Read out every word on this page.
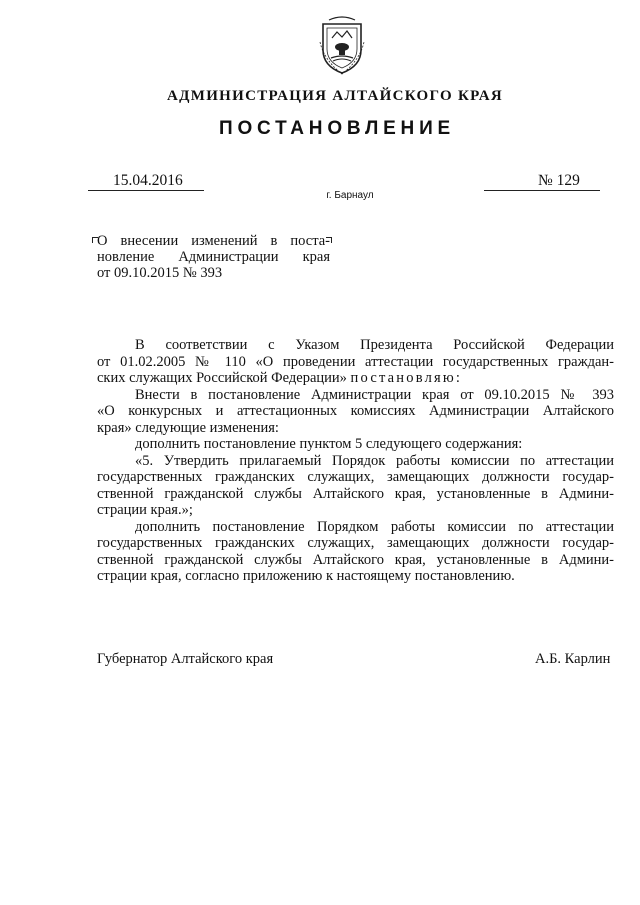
АДМИНИСТРАЦИЯ АЛТАЙСКОГО КРАЯ
ПОСТАНОВЛЕНИЕ
15.04.2016	№ 129
г. Барнаул
О внесении изменений в поста-
новление Администрации края
от 09.10.2015 № 393
В соответствии с Указом Президента Российской Федерации
от 01.02.2005 № 110 «О проведении аттестации государственных граждан-
ских служащих Российской Федерации» постановляю:
Внести в постановление Администрации края от 09.10.2015 № 393
«О конкурсных и аттестационных комиссиях Администрации Алтайского
края» следующие изменения:
дополнить постановление пунктом 5 следующего содержания:
«5. Утвердить прилагаемый Порядок работы комиссии по аттестации
государственных гражданских служащих, замещающих должности государ-
ственной гражданской службы Алтайского края, установленные в Админи-
страции края.»;
дополнить постановление Порядком работы комиссии по аттестации
государственных гражданских служащих, замещающих должности государ-
ственной гражданской службы Алтайского края, установленные в Админи-
страции края, согласно приложению к настоящему постановлению.
Губернатор Алтайского края	А.Б. Карлин
